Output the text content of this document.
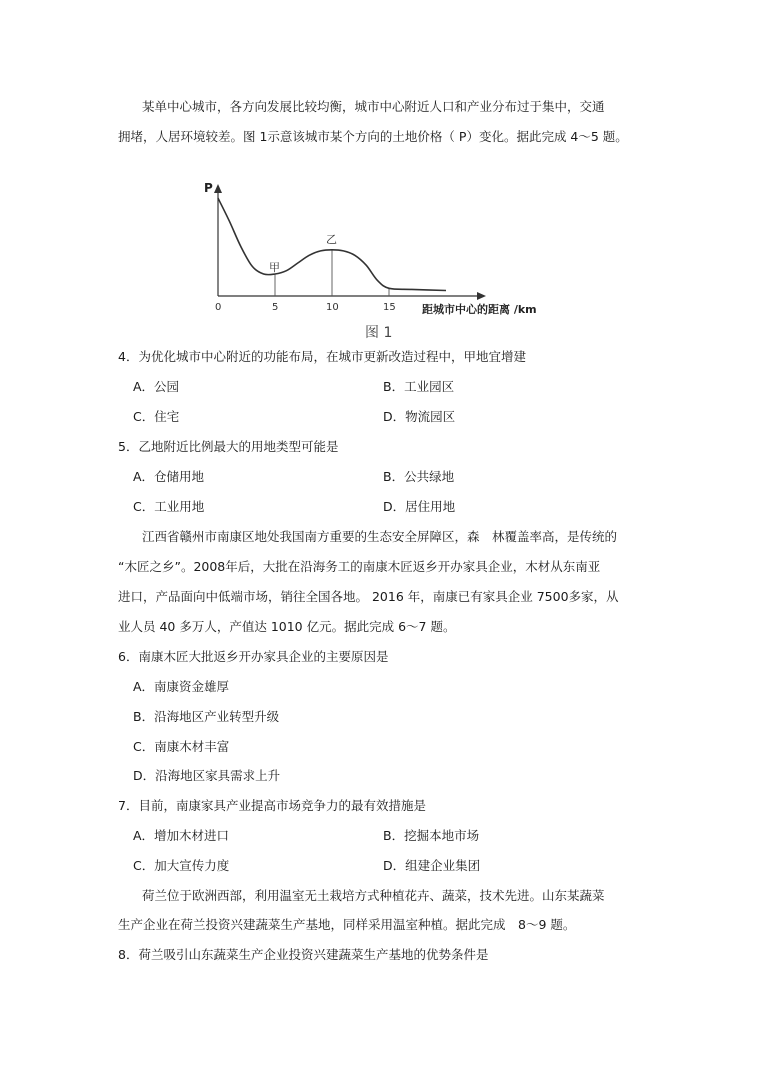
某单中心城市，各方向发展比较均衡，城市中心附近人口和产业分布过于集中，交通
拥堵，人居环境较差。图 1示意该城市某个方向的土地价格（ P）变化。据此完成 4～5 题。
P
0	5	10	15
甲
乙
距城市中心的距离 /km
图 1
4．为优化城市中心附近的功能布局，在城市更新改造过程中，甲地宜增建
A．公园	B．工业园区
C．住宅	D．物流园区
5．乙地附近比例最大的用地类型可能是
A．仓储用地	B．公共绿地
C．工业用地	D．居住用地
江西省赣州市南康区地处我国南方重要的生态安全屏障区，森　林覆盖率高，是传统的
“木匠之乡”。2008年后，大批在沿海务工的南康木匠返乡开办家具企业，木材从东南亚
进口，产品面向中低端市场，销往全国各地。 2016 年，南康已有家具企业 7500多家，从
业人员 40 多万人，产值达 1010 亿元。据此完成 6～7 题。
6．南康木匠大批返乡开办家具企业的主要原因是
A．南康资金雄厚
B．沿海地区产业转型升级
C．南康木材丰富
D．沿海地区家具需求上升
7．目前，南康家具产业提高市场竞争力的最有效措施是
A．增加木材进口	B．挖掘本地市场
C．加大宣传力度	D．组建企业集团
荷兰位于欧洲西部，利用温室无土栽培方式种植花卉、蔬菜，技术先进。山东某蔬菜
生产企业在荷兰投资兴建蔬菜生产基地，同样采用温室种植。据此完成　8～9 题。
8．荷兰吸引山东蔬菜生产企业投资兴建蔬菜生产基地的优势条件是
